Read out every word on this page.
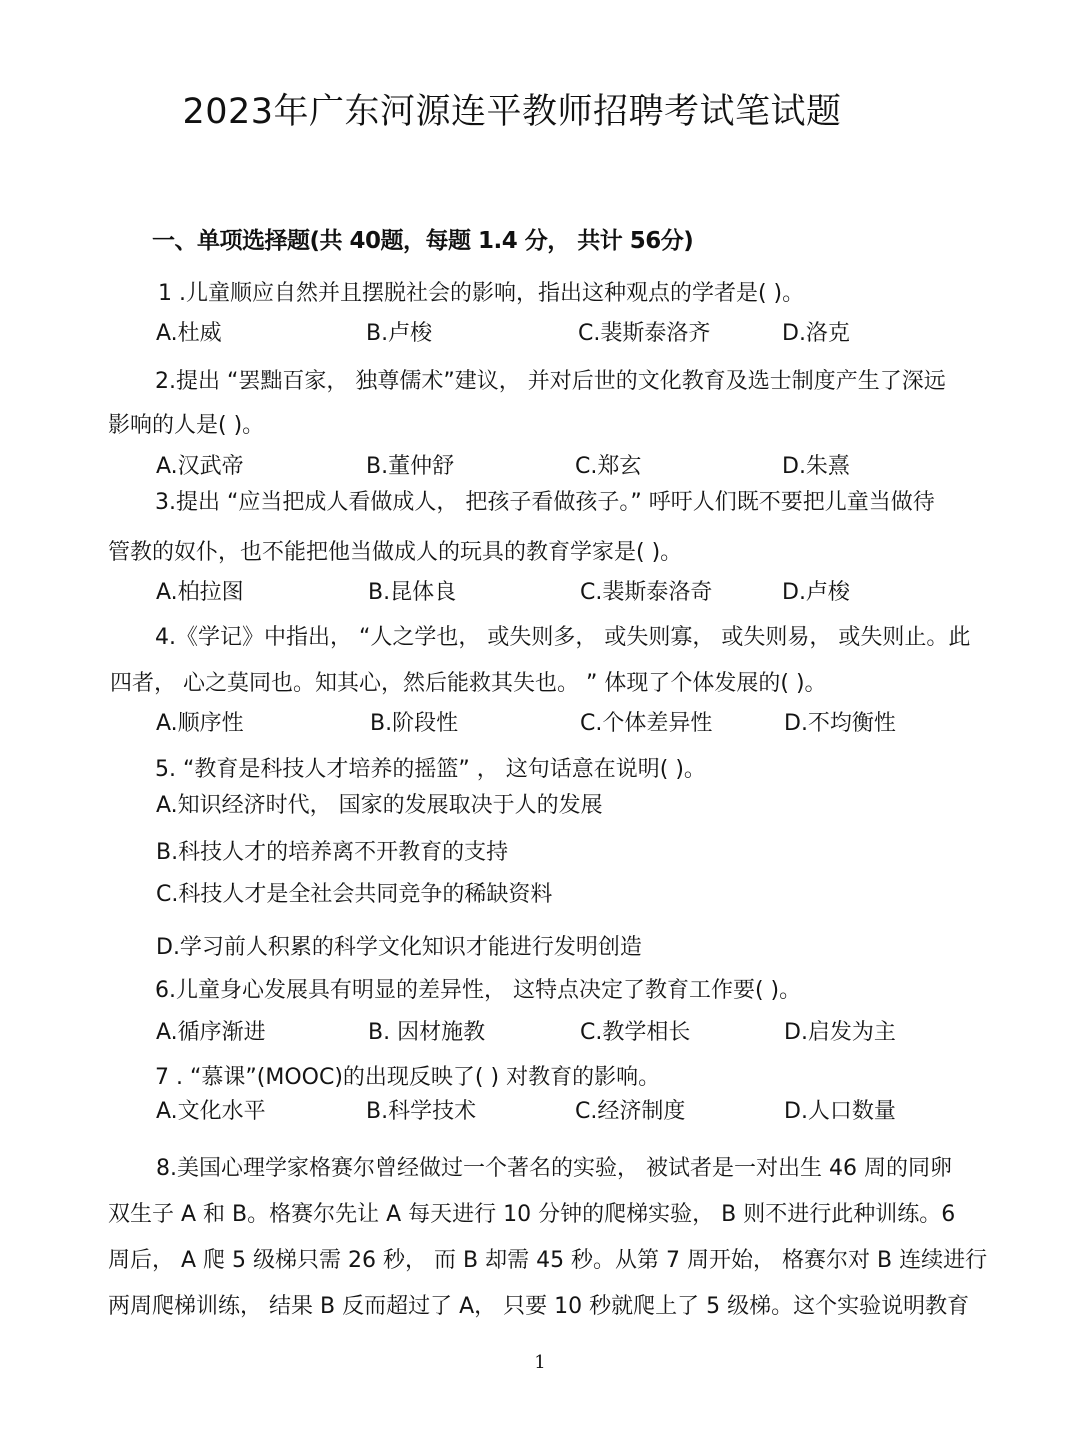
2023年广东河源连平教师招聘考试笔试题
一、单项选择题(共 40题，每题 1.4 分， 共计 56分)
1 .儿童顺应自然并且摆脱社会的影响，指出这种观点的学者是( )。
A.杜威	B.卢梭	C.裴斯泰洛齐	D.洛克
2.提出 “罢黜百家， 独尊儒术”建议， 并对后世的文化教育及选士制度产生了深远
影响的人是( )。
A.汉武帝	B.董仲舒	C.郑玄	D.朱熹
3.提出 “应当把成人看做成人， 把孩子看做孩子。” 呼吁人们既不要把儿童当做待
管教的奴仆，也不能把他当做成人的玩具的教育学家是( )。
A.柏拉图	B.昆体良	C.裴斯泰洛奇	D.卢梭
4.《学记》中指出， “人之学也， 或失则多， 或失则寡， 或失则易， 或失则止。此
四者， 心之莫同也。知其心，然后能救其失也。 ” 体现了个体发展的( )。
A.顺序性	B.阶段性	C.个体差异性	D.不均衡性
5. “教育是科技人才培养的摇篮” ， 这句话意在说明( )。
A.知识经济时代， 国家的发展取决于人的发展
B.科技人才的培养离不开教育的支持
C.科技人才是全社会共同竞争的稀缺资料
D.学习前人积累的科学文化知识才能进行发明创造
6.儿童身心发展具有明显的差异性， 这特点决定了教育工作要( )。
A.循序渐进	B. 因材施教	C.教学相长	D.启发为主
7 . “慕课”(MOOC)的出现反映了( ) 对教育的影响。
A.文化水平	B.科学技术	C.经济制度	D.人口数量
8.美国心理学家格赛尔曾经做过一个著名的实验， 被试者是一对出生 46 周的同卵
双生子 A 和 B。格赛尔先让 A 每天进行 10 分钟的爬梯实验， B 则不进行此种训练。6
周后， A 爬 5 级梯只需 26 秒， 而 B 却需 45 秒。从第 7 周开始， 格赛尔对 B 连续进行
两周爬梯训练， 结果 B 反而超过了 A， 只要 10 秒就爬上了 5 级梯。这个实验说明教育
1
